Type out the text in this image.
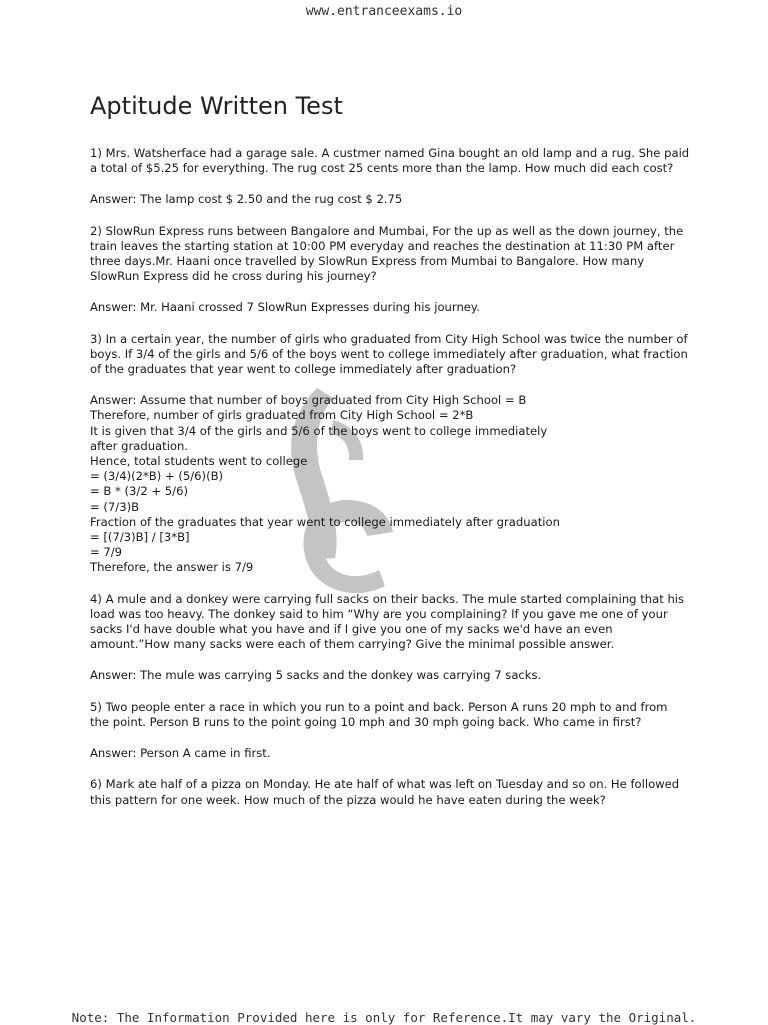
www.entranceexams.io
Aptitude Written Test

1) Mrs. Watsherface had a garage sale. A custmer named Gina bought an old lamp and a rug. She paid a total of $5.25 for everything. The rug cost 25 cents more than the lamp. How much did each cost?

Answer: The lamp cost $ 2.50 and the rug cost $ 2.75

2) SlowRun Express runs between Bangalore and Mumbai, For the up as well as the down journey, the train leaves the starting station at 10:00 PM everyday and reaches the destination at 11:30 PM after three days.Mr. Haani once travelled by SlowRun Express from Mumbai to Bangalore. How many SlowRun Express did he cross during his journey?

Answer: Mr. Haani crossed 7 SlowRun Expresses during his journey.

3) In a certain year, the number of girls who graduated from City High School was twice the number of boys. If 3/4 of the girls and 5/6 of the boys went to college immediately after graduation, what fraction of the graduates that year went to college immediately after graduation?

Answer: Assume that number of boys graduated from City High School = B
Therefore, number of girls graduated from City High School = 2*B
It is given that 3/4 of the girls and 5/6 of the boys went to college immediately
after graduation.
Hence, total students went to college
= (3/4)(2*B) + (5/6)(B)
= B * (3/2 + 5/6)
= (7/3)B
Fraction of the graduates that year went to college immediately after graduation
= [(7/3)B] / [3*B]
= 7/9
Therefore, the answer is 7/9

4) A mule and a donkey were carrying full sacks on their backs. The mule started complaining that his load was too heavy. The donkey said to him “Why are you complaining? If you gave me one of your sacks I'd have double what you have and if I give you one of my sacks we'd have an even amount.”How many sacks were each of them carrying? Give the minimal possible answer.

Answer: The mule was carrying 5 sacks and the donkey was carrying 7 sacks.

5) Two people enter a race in which you run to a point and back. Person A runs 20 mph to and from the point. Person B runs to the point going 10 mph and 30 mph going back. Who came in first?

Answer: Person A came in first.

6) Mark ate half of a pizza on Monday. He ate half of what was left on Tuesday and so on. He followed this pattern for one week. How much of the pizza would he have eaten during the week?

Note: The Information Provided here is only for Reference.It may vary the Original.
